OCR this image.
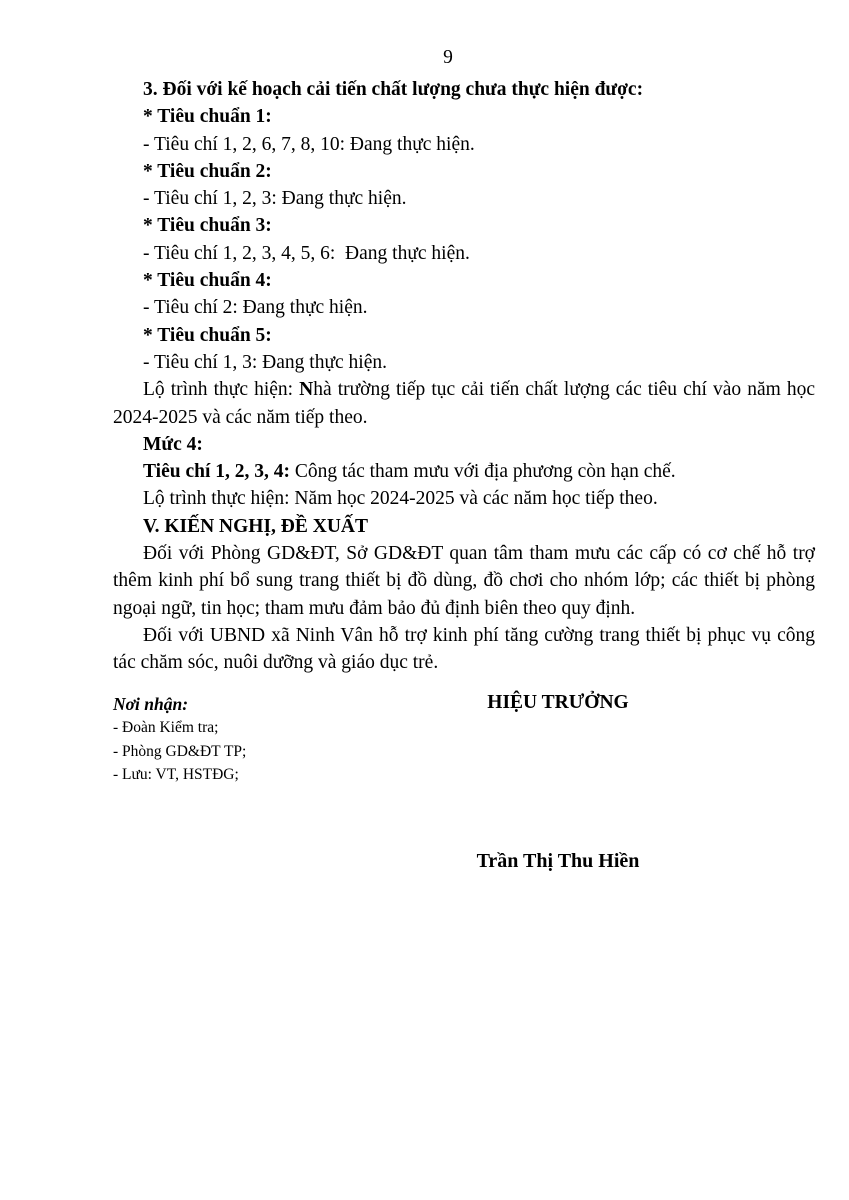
9

3. Đối với kế hoạch cải tiến chất lượng chưa thực hiện được:

* Tiêu chuẩn 1:

- Tiêu chí 1, 2, 6, 7, 8, 10: Đang thực hiện.

* Tiêu chuẩn 2:

- Tiêu chí 1, 2, 3: Đang thực hiện.

* Tiêu chuẩn 3:

- Tiêu chí 1, 2, 3, 4, 5, 6:  Đang thực hiện.

* Tiêu chuẩn 4:

- Tiêu chí 2: Đang thực hiện.

* Tiêu chuẩn 5:

- Tiêu chí 1, 3: Đang thực hiện.

Lộ trình thực hiện: Nhà trường tiếp tục cải tiến chất lượng các tiêu chí vào năm học 2024-2025 và các năm tiếp theo.

Mức 4:

Tiêu chí 1, 2, 3, 4: Công tác tham mưu với địa phương còn hạn chế.

Lộ trình thực hiện: Năm học 2024-2025 và các năm học tiếp theo.

V. KIẾN NGHỊ, ĐỀ XUẤT

Đối với Phòng GD&ĐT, Sở GD&ĐT quan tâm tham mưu các cấp có cơ chế hỗ trợ thêm kinh phí bổ sung trang thiết bị đồ dùng, đồ chơi cho nhóm lớp; các thiết bị phòng ngoại ngữ, tin học; tham mưu đảm bảo đủ định biên theo quy định.

Đối với UBND xã Ninh Vân hỗ trợ kinh phí tăng cường trang thiết bị phục vụ công tác chăm sóc, nuôi dưỡng và giáo dục trẻ.

Nơi nhận:
- Đoàn Kiểm tra;
- Phòng GD&ĐT TP;
- Lưu: VT, HSTĐG;
HIỆU TRƯỞNG
Trần Thị Thu Hiền
